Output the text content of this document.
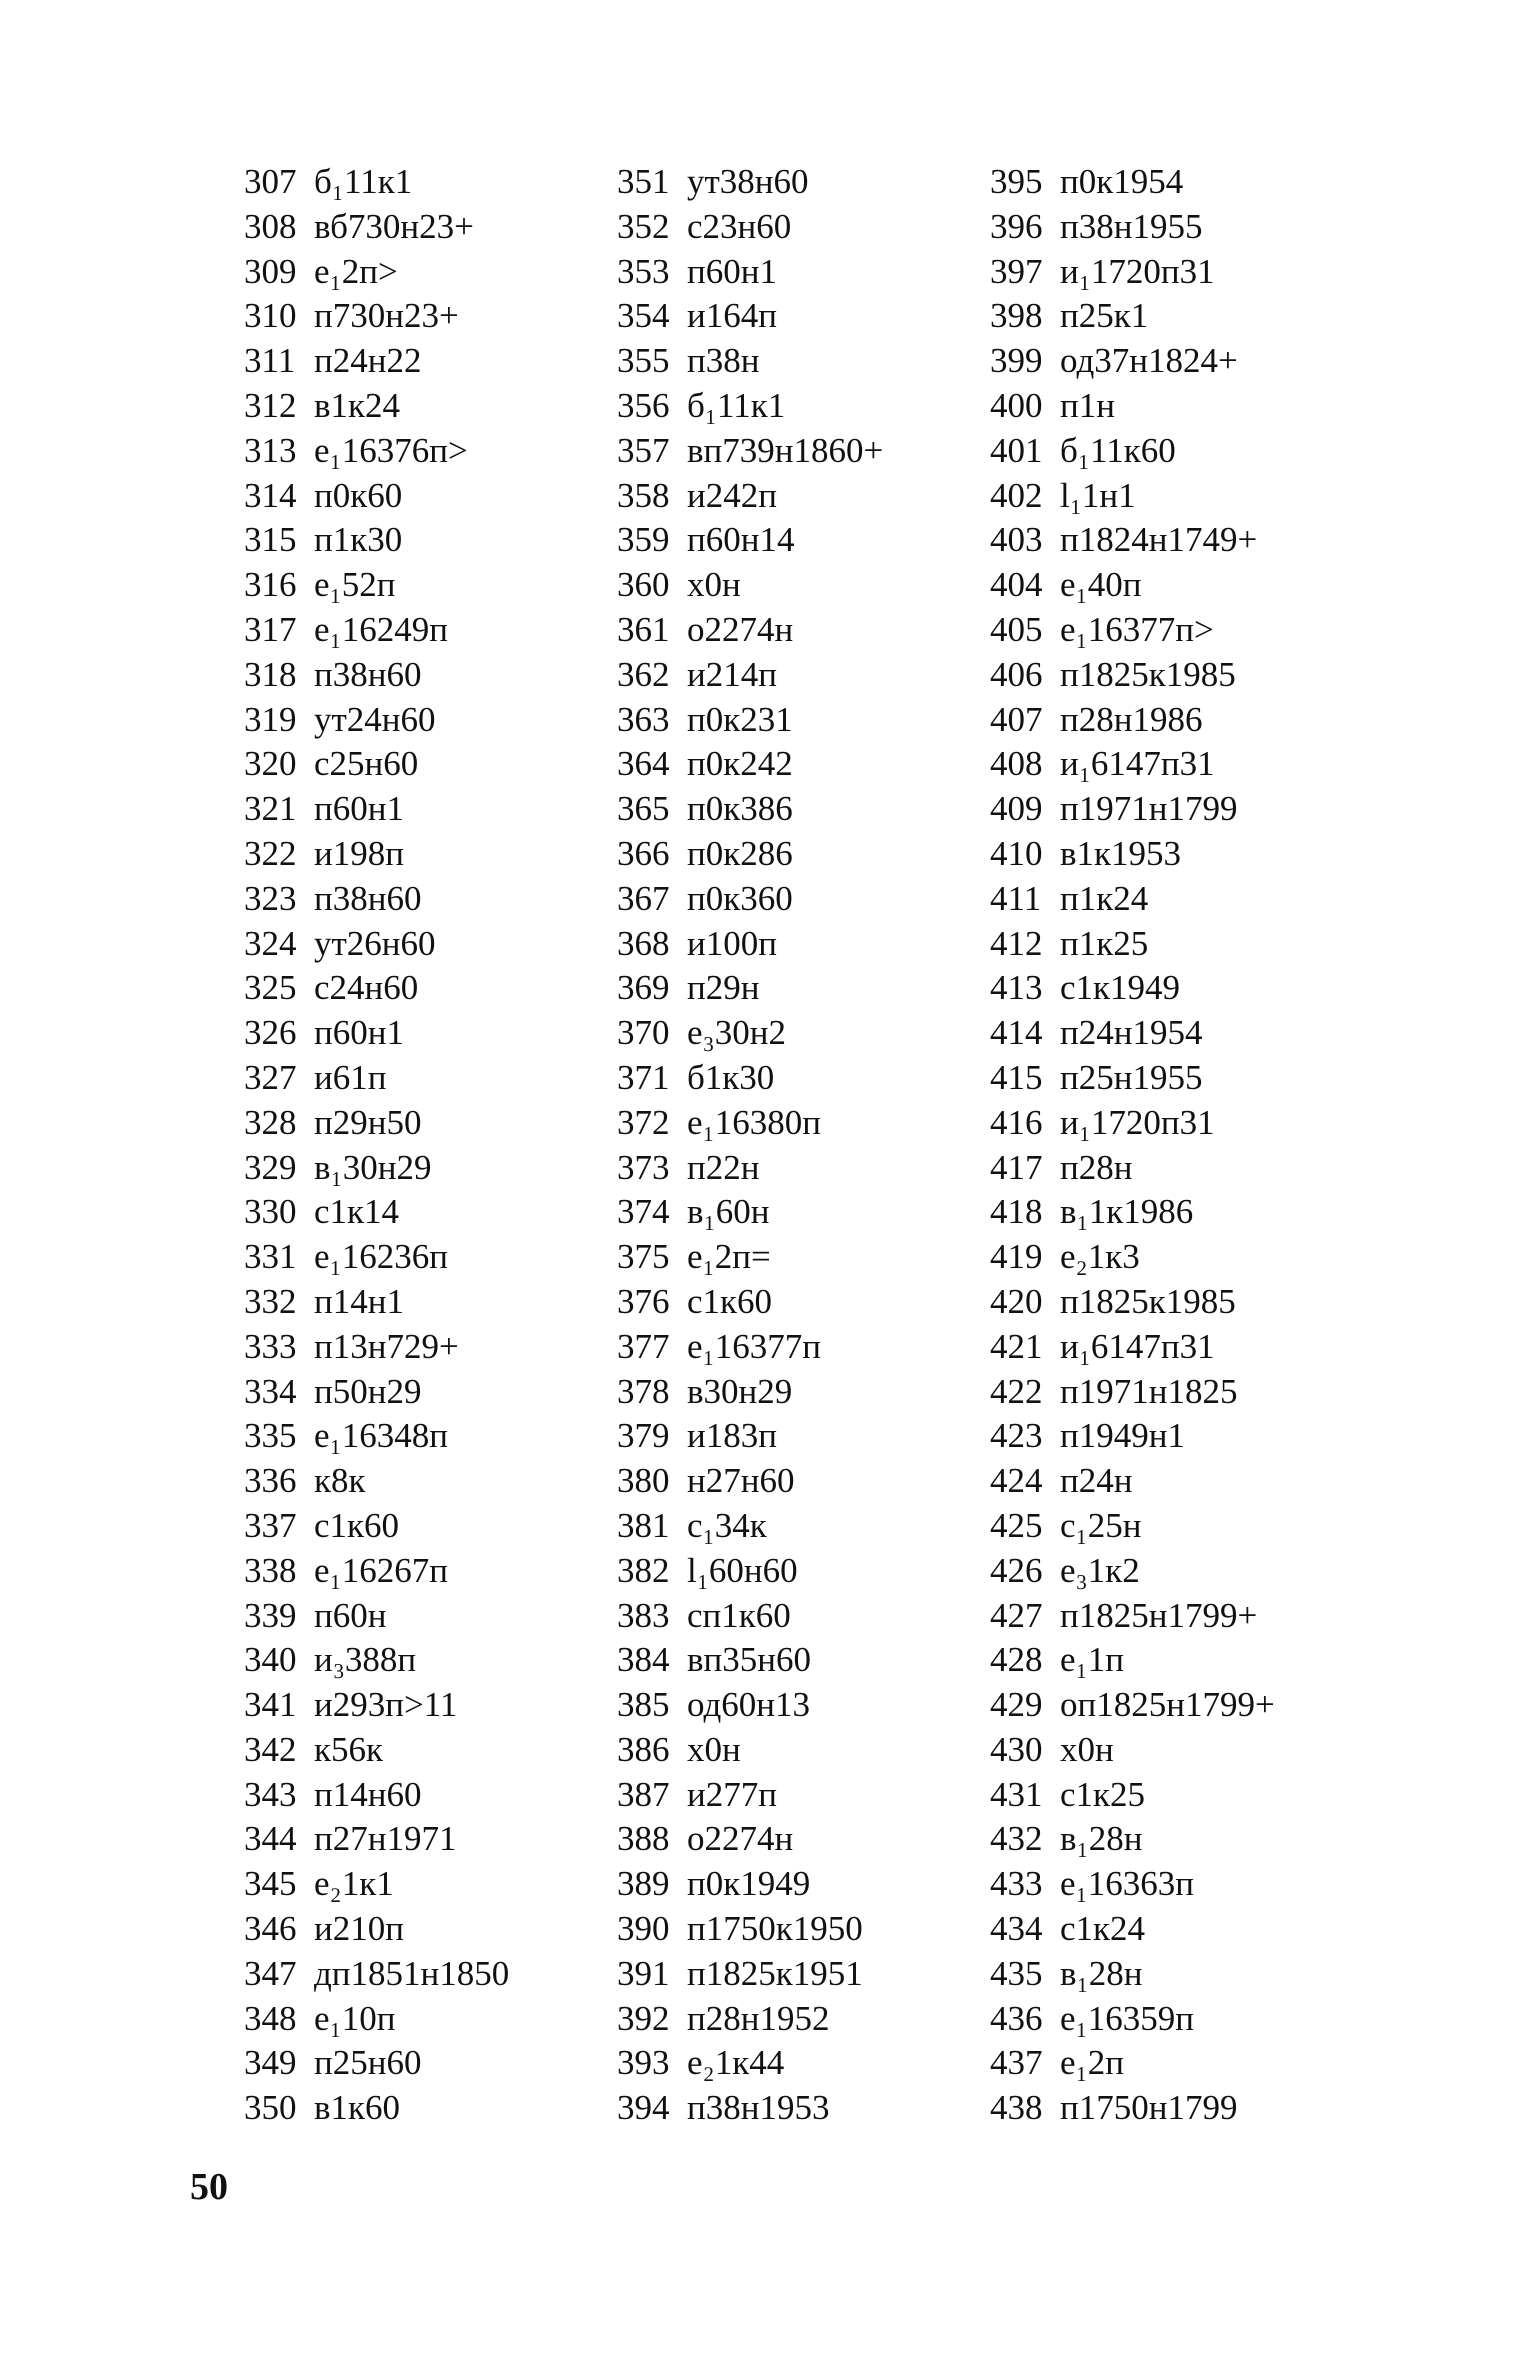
307 б₁11к1
308 вб730н23+
309 е₁2п>
310 п730н23+
311 п24н22
312 в1к24
313 е₁16376п>
314 п0к60
315 п1к30
316 е₁52п
317 е₁16249п
318 п38н60
319 ут24н60
320 с25н60
321 п60н1
322 и198п
323 п38н60
324 ут26н60
325 с24н60
326 п60н1
327 и61п
328 п29н50
329 в₁30н29
330 с1к14
331 е₁16236п
332 п14н1
333 п13н729+
334 п50н29
335 е₁16348п
336 к8к
337 с1к60
338 е₁16267п
339 п60н
340 и₃388п
341 и293п>11
342 к56к
343 п14н60
344 п27н1971
345 е₂1к1
346 и210п
347 дп1851н1850
348 е₁10п
349 п25н60
350 в1к60
351 ут38н60
352 с23н60
353 п60н1
354 и164п
355 п38н
356 б₁11к1
357 вп739н1860+
358 и242п
359 п60н14
360 х0н
361 о2274н
362 и214п
363 п0к231
364 п0к242
365 п0к386
366 п0к286
367 п0к360
368 и100п
369 п29н
370 е₃30н2
371 б1к30
372 е₁16380п
373 п22н
374 в₁60н
375 е₁2п=
376 с1к60
377 е₁16377п
378 в30н29
379 и183п
380 н27н60
381 с₁34к
382 l₁60н60
383 сп1к60
384 вп35н60
385 од60н13
386 х0н
387 и277п
388 о2274н
389 п0к1949
390 п1750к1950
391 п1825к1951
392 п28н1952
393 е₂1к44
394 п38н1953
395 п0к1954
396 п38н1955
397 и₁1720п31
398 п25к1
399 од37н1824+
400 п1н
401 б₁11к60
402 l₁1н1
403 п1824н1749+
404 е₁40п
405 е₁16377п>
406 п1825к1985
407 п28н1986
408 и₁6147п31
409 п1971н1799
410 в1к1953
411 п1к24
412 п1к25
413 с1к1949
414 п24н1954
415 п25н1955
416 и₁1720п31
417 п28н
418 в₁1к1986
419 е₂1к3
420 п1825к1985
421 и₁6147п31
422 п1971н1825
423 п1949н1
424 п24н
425 с₁25н
426 е₃1к2
427 п1825н1799+
428 е₁1п
429 оп1825н1799+
430 х0н
431 с1к25
432 в₁28н
433 е₁16363п
434 с1к24
435 в₁28н
436 е₁16359п
437 е₁2п
438 п1750н1799
50
